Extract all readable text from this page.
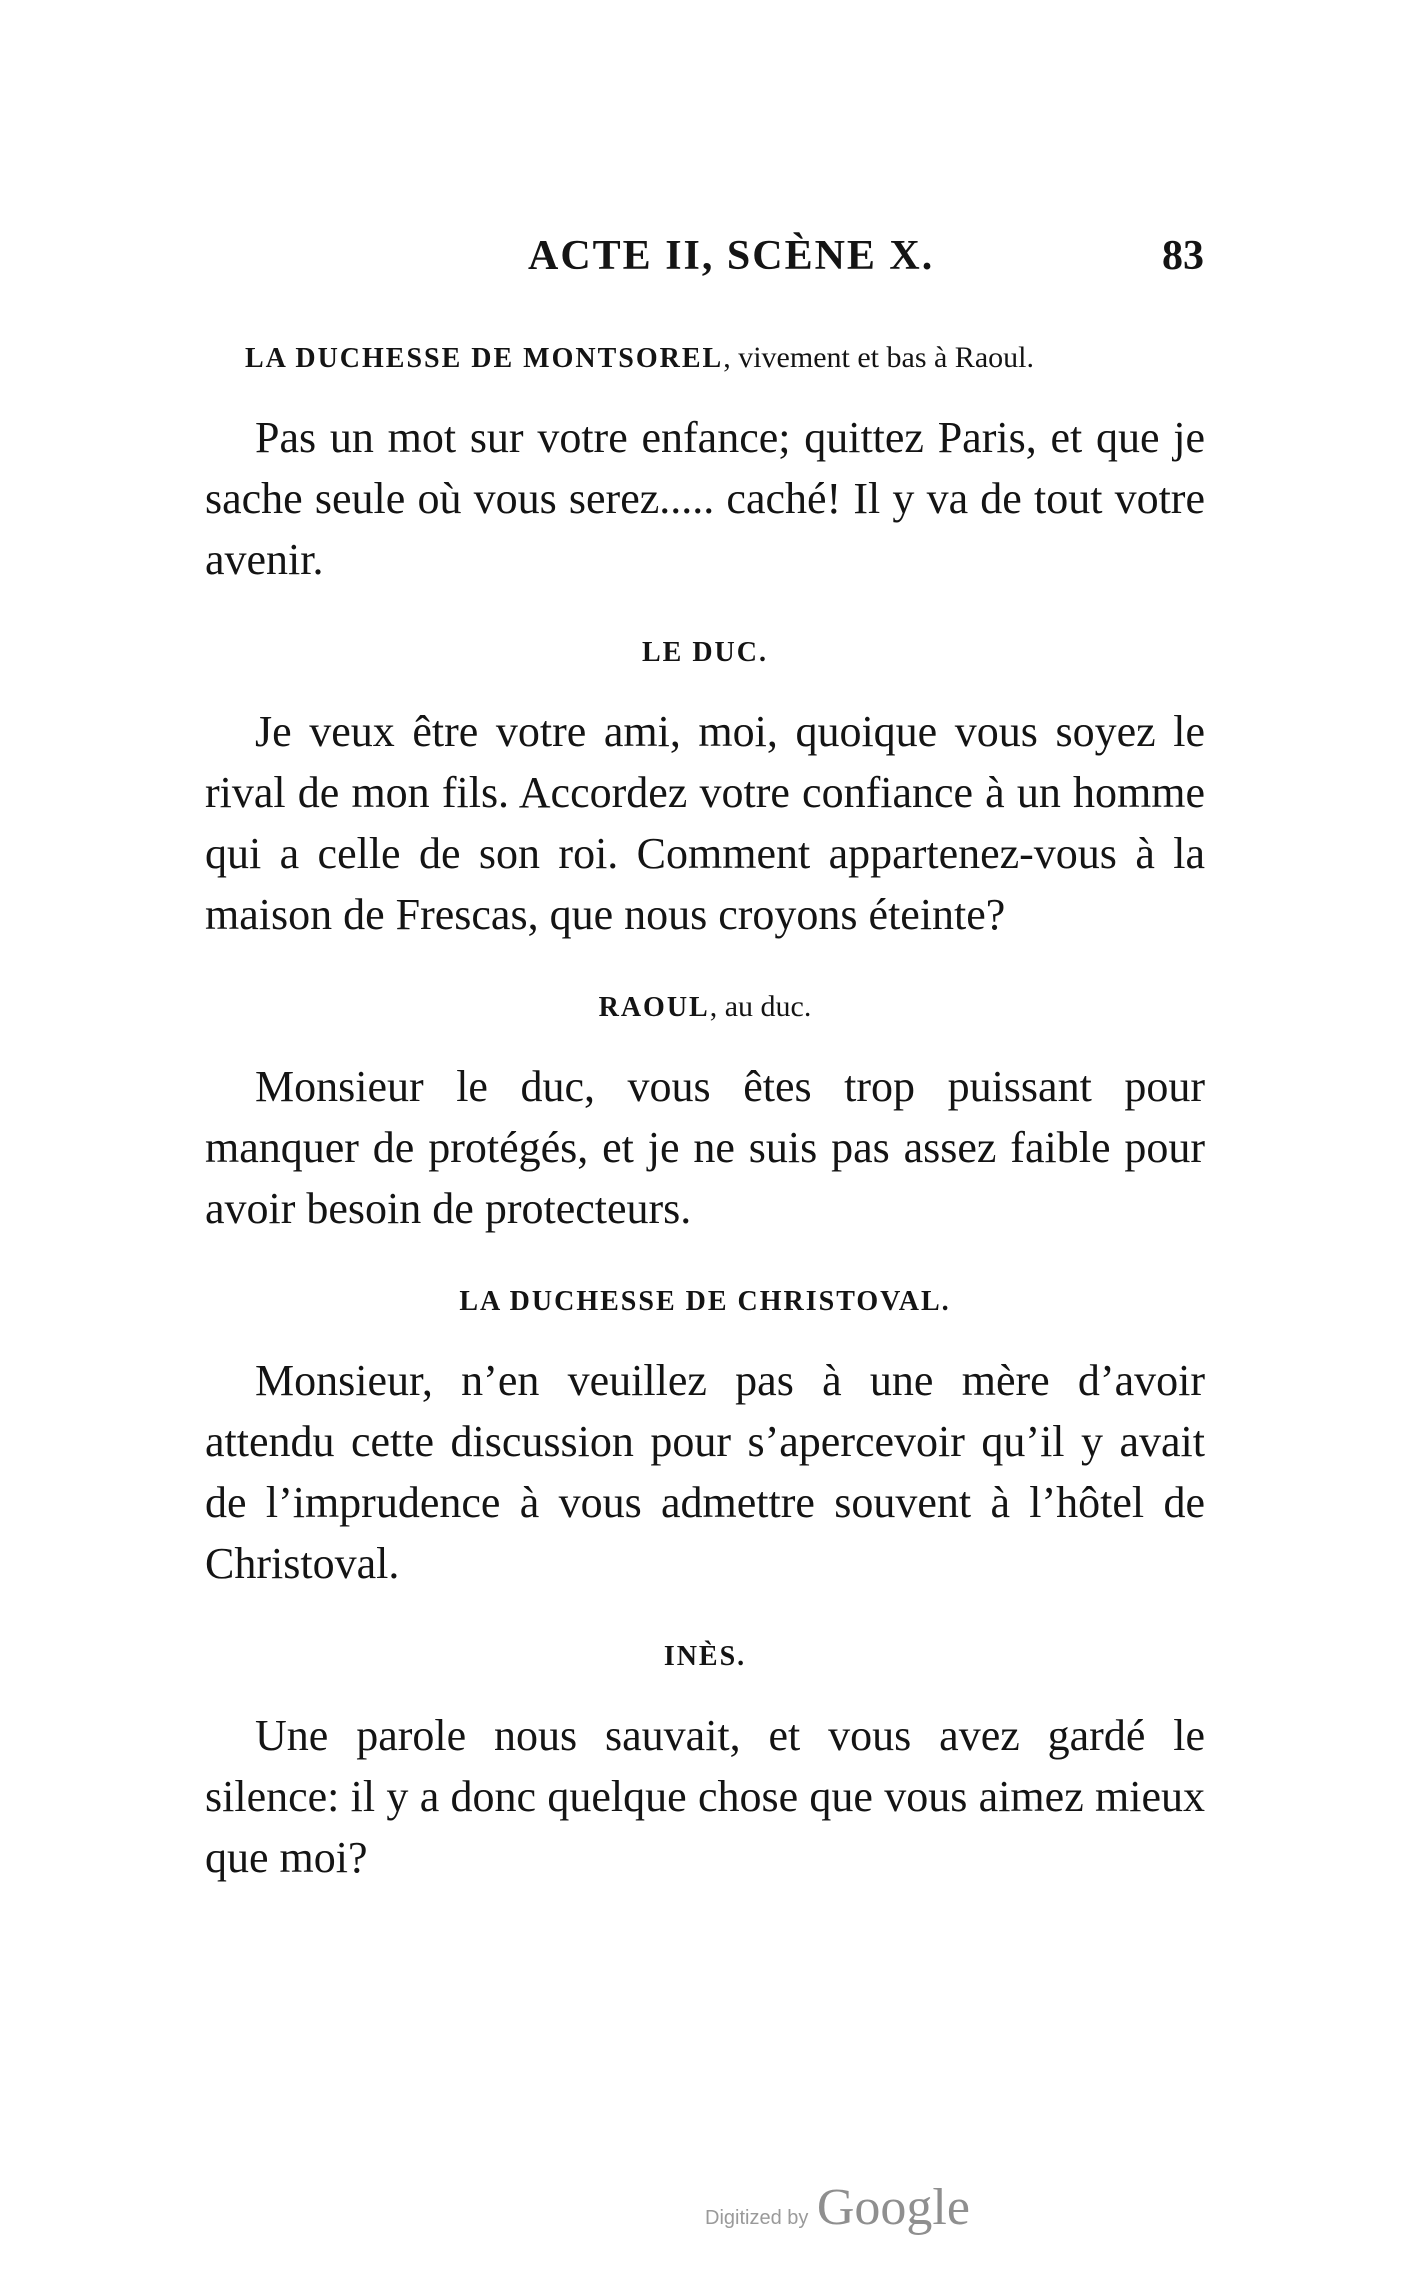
ACTE II, SCÈNE X.	83

LA DUCHESSE DE MONTSOREL, vivement et bas à Raoul.

Pas un mot sur votre enfance; quittez Paris, et que je sache seule où vous serez..... caché! Il y va de tout votre avenir.

LE DUC.

Je veux être votre ami, moi, quoique vous soyez le rival de mon fils. Accordez votre confiance à un homme qui a celle de son roi. Comment appartenez-vous à la maison de Frescas, que nous croyons éteinte?

RAOUL, au duc.

Monsieur le duc, vous êtes trop puissant pour manquer de protégés, et je ne suis pas assez faible pour avoir besoin de protecteurs.

LA DUCHESSE DE CHRISTOVAL.

Monsieur, n’en veuillez pas à une mère d’avoir attendu cette discussion pour s’apercevoir qu’il y avait de l’imprudence à vous admettre souvent à l’hôtel de Christoval.

INÈS.

Une parole nous sauvait, et vous avez gardé le silence: il y a donc quelque chose que vous aimez mieux que moi?

Digitized by Google
